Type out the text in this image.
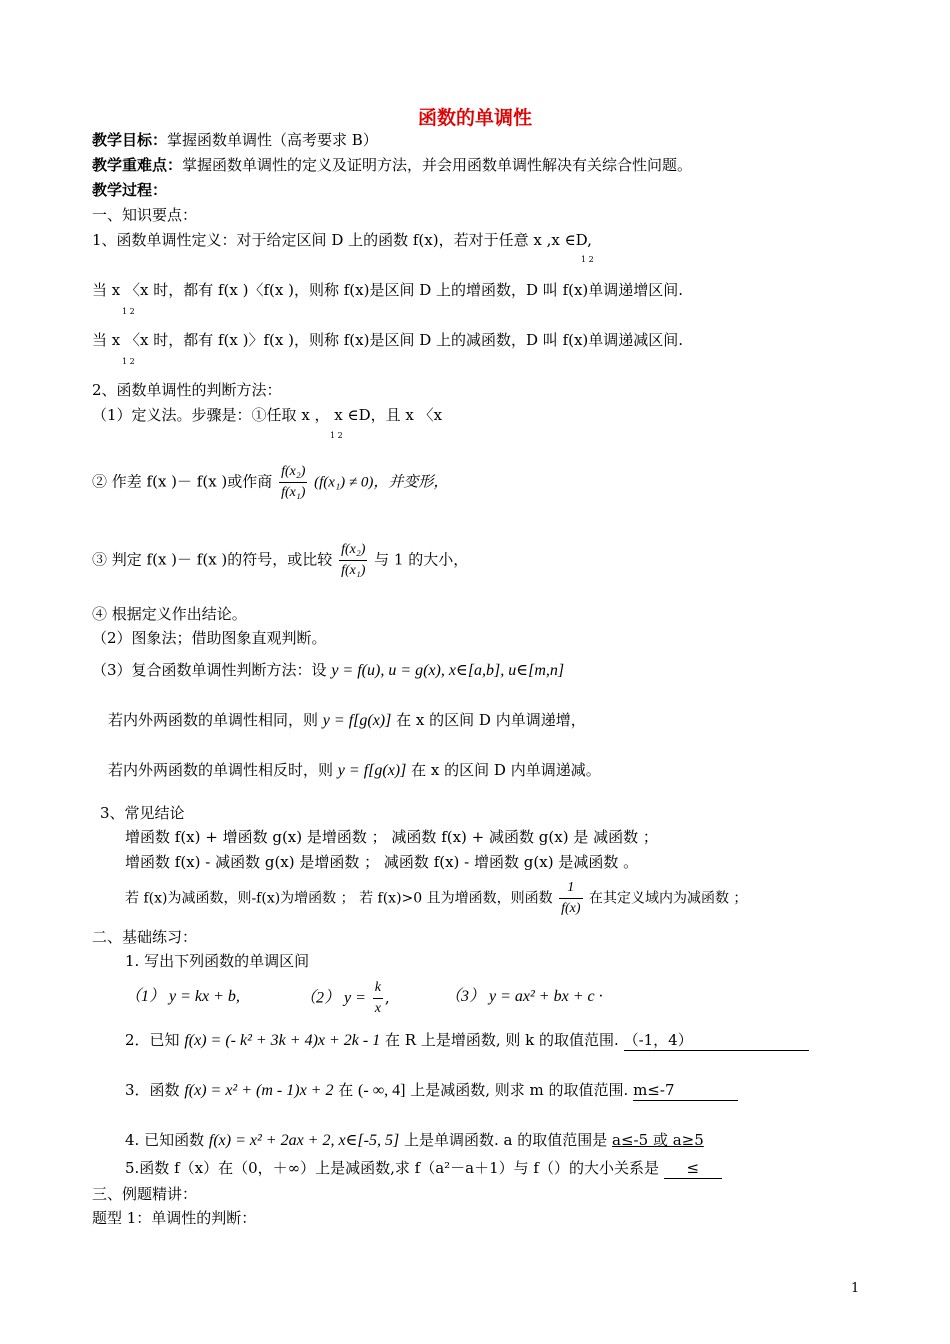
函数的单调性
教学目标：掌握函数单调性（高考要求 B）
教学重难点：掌握函数单调性的定义及证明方法，并会用函数单调性解决有关综合性问题。
教学过程：
一、知识要点：
1、函数单调性定义：对于给定区间 D 上的函数 f(x)，若对于任意 x ,x ∈D,
1 2
当 x 〈x 时，都有 f(x )〈f(x )，则称 f(x)是区间 D 上的增函数，D 叫 f(x)单调递增区间.
1 2
当 x 〈x 时，都有 f(x )〉f(x )，则称 f(x)是区间 D 上的减函数，D 叫 f(x)单调递减区间.
1 2
2、函数单调性的判断方法：
（1）定义法。步骤是：①任取 x ， x ∈D，且 x 〈x
1 2
② 作差 f(x )－ f(x )或作商 $\frac{\text{f(x₂)}}{\text{f(x₁)}} (f(x_1) \ne 0)$，并变形，
③ 判定 f(x )－ f(x )的符号，或比较 $\frac{\text{f(x₂)}}{\text{f(x₁)}}$ 与 1 的大小，
④ 根据定义作出结论。
（2）图象法；借助图象直观判断。
（3）复合函数单调性判断方法：设 y = f(u), u = g(x), x∈[a,b], u∈[m,n]
若内外两函数的单调性相同，则 y = f[g(x)] 在 x 的区间 D 内单调递增，
若内外两函数的单调性相反时，则 y = f[g(x)] 在 x 的区间 D 内单调递减。
3、常见结论
增函数 f(x) + 增函数 g(x) 是增函数 ； 减函数 f(x) + 减函数 g(x) 是 减函数 ；
增函数 f(x) - 减函数 g(x) 是增函数 ； 减函数 f(x) - 增函数 g(x) 是减函数 。
若 f(x)为减函数，则-f(x)为增函数 ； 若 f(x)>0 且为增函数，则函数 $\frac{1}{f(x)}$ 在其定义域内为减函数 ；
二、基础练习：
1. 写出下列函数的单调区间
（1） y = kx + b,	（2） $y = \frac{k}{x}$ ,	（3） y = ax² + bx + c ·
2．已知 f(x) = (- k² + 3k + 4)x + 2k - 1 在 R 上是增函数, 则 k 的取值范围. （-1，4）
3．函数 f(x) = x² + (m - 1)x + 2 在 (- ∞, 4] 上是减函数, 则求 m 的取值范围. m≤-7
4. 已知函数 f(x) = x² + 2ax + 2, x∈[-5, 5] 上是单调函数. a 的取值范围是 a≤-5 或 a≥5
5.函数 f（x）在（0，＋∞）上是减函数,求 f（a²－a＋1）与 f（）的大小关系是 ≤
三、例题精讲：
题型 1：单调性的判断：
1
